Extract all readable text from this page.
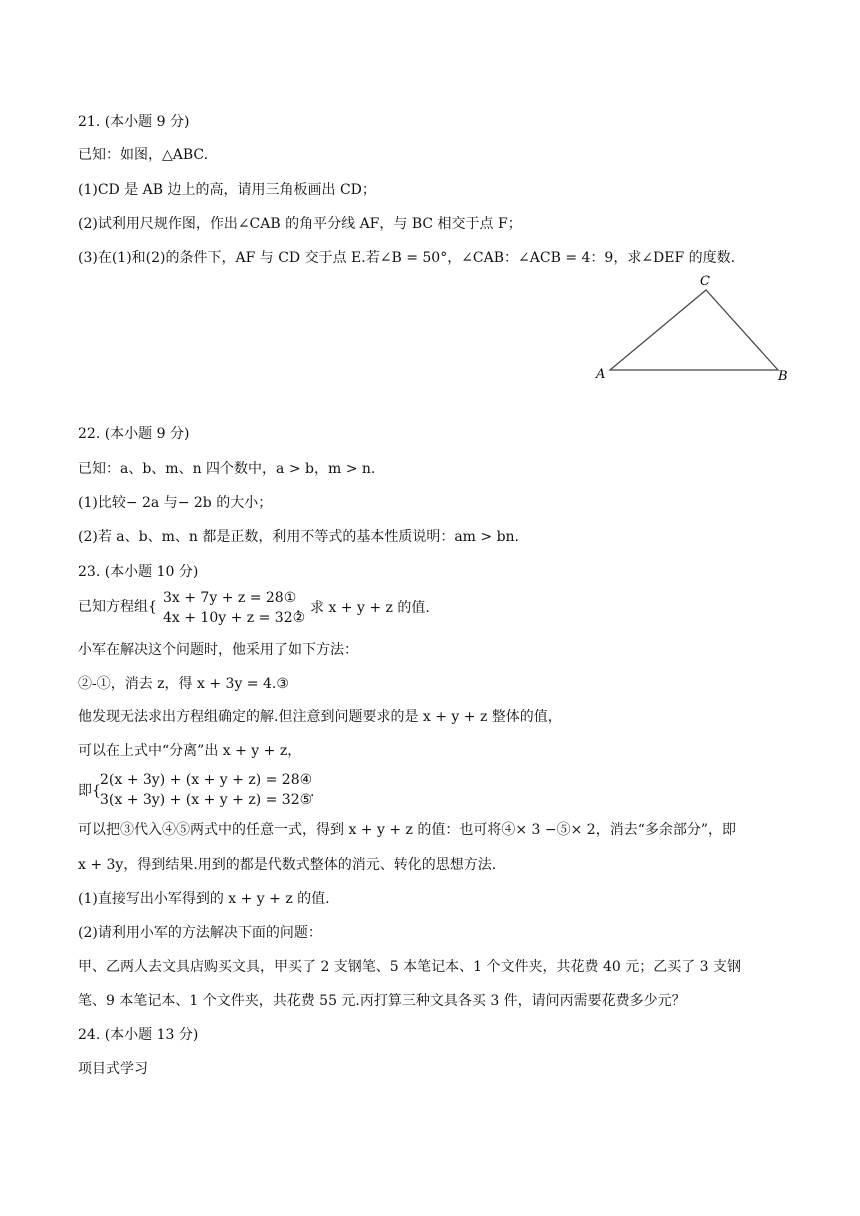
21. (本小题 9 分)
已知：如图，△ABC.
(1)CD 是 AB 边上的高，请用三角板画出 CD；
(2)试利用尺规作图，作出∠CAB 的角平分线 AF，与 BC 相交于点 F；
(3)在(1)和(2)的条件下，AF 与 CD 交于点 E.若∠B = 50°，∠CAB：∠ACB = 4：9，求∠DEF 的度数.
C
A	B
22. (本小题 9 分)
已知：a、b、m、n 四个数中，a > b，m > n.
(1)比较− 2a 与− 2b 的大小；
(2)若 a、b、m、n 都是正数，利用不等式的基本性质说明：am > bn.
23. (本小题 10 分)
已知方程组{
3x + 7y + z = 28①
4x + 10y + z = 32②
，求 x + y + z 的值.
小军在解决这个问题时，他采用了如下方法：
②-①，消去 z，得 x + 3y = 4.③
他发现无法求出方程组确定的解.但注意到问题要求的是 x + y + z 整体的值，
可以在上式中“分离”出 x + y + z，
即{
2(x + 3y) + (x + y + z) = 28④
3(x + 3y) + (x + y + z) = 32⑤
.
可以把③代入④⑤两式中的任意一式，得到 x + y + z 的值：也可将④× 3 −⑤× 2，消去“多余部分”，即
x + 3y，得到结果.用到的都是代数式整体的消元、转化的思想方法.
(1)直接写出小军得到的 x + y + z 的值.
(2)请利用小军的方法解决下面的问题：
甲、乙两人去文具店购买文具，甲买了 2 支钢笔、5 本笔记本、1 个文件夹，共花费 40 元；乙买了 3 支钢
笔、9 本笔记本、1 个文件夹，共花费 55 元.丙打算三种文具各买 3 件，请问丙需要花费多少元？
24. (本小题 13 分)
项目式学习
